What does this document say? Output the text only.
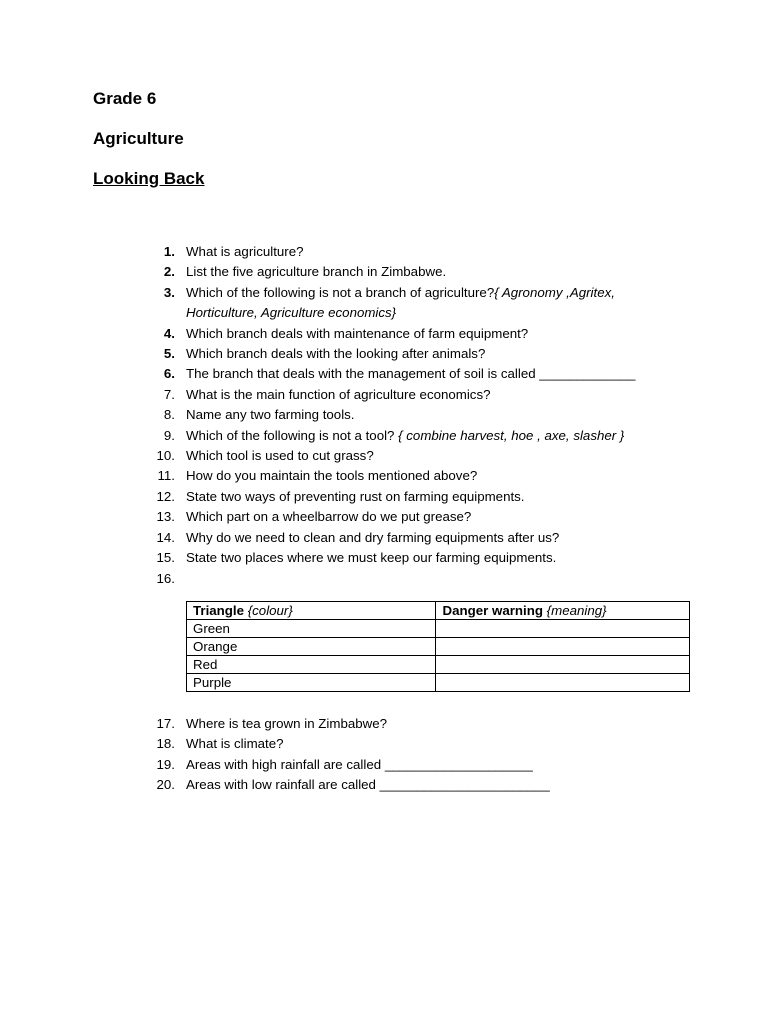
Grade 6

Agriculture

Looking Back

1. What is agriculture?
2. List the five agriculture branch in Zimbabwe.
3. Which of the following is not a branch of agriculture?{ Agronomy ,Agritex, Horticulture, Agriculture economics}
4. Which branch deals with maintenance of farm equipment?
5. Which branch deals with the looking after animals?
6. The branch that deals with the management of soil is called _____________
7. What is the main function of agriculture economics?
8. Name any two farming tools.
9. Which of the following is not a tool? { combine harvest, hoe , axe, slasher }
10. Which tool is used to cut grass?
11. How do you maintain the tools mentioned above?
12. State two ways of preventing rust on farming equipments.
13. Which part on a wheelbarrow do we put grease?
14. Why do we need to clean and dry farming equipments after us?
15. State two places where we must keep our farming equipments.
16.
Triangle {colour}	Danger warning {meaning}
Green	
Orange	
Red	
Purple	
17. Where is tea grown in Zimbabwe?
18. What is climate?
19. Areas with high rainfall are called ____________________
20. Areas with low rainfall are called _______________________
